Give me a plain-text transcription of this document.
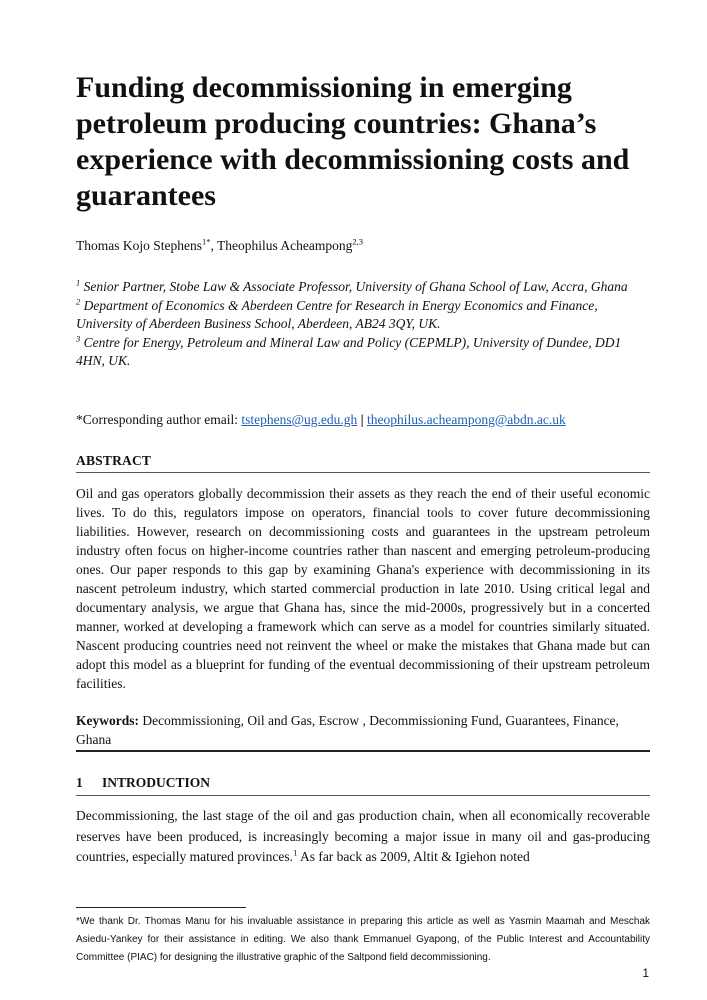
Funding decommissioning in emerging petroleum producing countries: Ghana’s experience with decommissioning costs and guarantees
Thomas Kojo Stephens$^{1*}$, Theophilus Acheampong$^{2,3}$

$^1$ Senior Partner, Stobe Law & Associate Professor, University of Ghana School of Law, Accra, Ghana

$^2$ Department of Economics & Aberdeen Centre for Research in Energy Economics and Finance, University of Aberdeen Business School, Aberdeen, AB24 3QY, UK.

$^3$ Centre for Energy, Petroleum and Mineral Law and Policy (CEPMLP), University of Dundee, DD1 4HN, UK.

*Corresponding author email: tstephens@ug.edu.gh | theophilus.acheampong@abdn.ac.uk
ABSTRACT

Oil and gas operators globally decommission their assets as they reach the end of their useful economic lives. To do this, regulators impose on operators, financial tools to cover future decommissioning liabilities. However, research on decommissioning costs and guarantees in the upstream petroleum industry often focus on higher-income countries rather than nascent and emerging petroleum-producing ones. Our paper responds to this gap by examining Ghana's experience with decommissioning in its nascent petroleum industry, which started commercial production in late 2010. Using critical legal and documentary analysis, we argue that Ghana has, since the mid-2000s, progressively but in a concerted manner, worked at developing a framework which can serve as a model for countries similarly situated. Nascent producing countries need not reinvent the wheel or make the mistakes that Ghana made but can adopt this model as a blueprint for funding of the eventual decommissioning of their upstream petroleum facilities.

Keywords: Decommissioning, Oil and Gas, Escrow , Decommissioning Fund, Guarantees, Finance, Ghana

1 INTRODUCTION

Decommissioning, the last stage of the oil and gas production chain, when all economically recoverable reserves have been produced, is increasingly becoming a major issue in many oil and gas-producing countries, especially matured provinces.$^1$ As far back as 2009, Altit & Igiehon noted

*We thank Dr. Thomas Manu for his invaluable assistance in preparing this article as well as Yasmin Maamah and Meschak Asiedu-Yankey for their assistance in editing. We also thank Emmanuel Gyapong, of the Public Interest and Accountability Committee (PIAC) for designing the illustrative graphic of the Saltpond field decommissioning.

1
